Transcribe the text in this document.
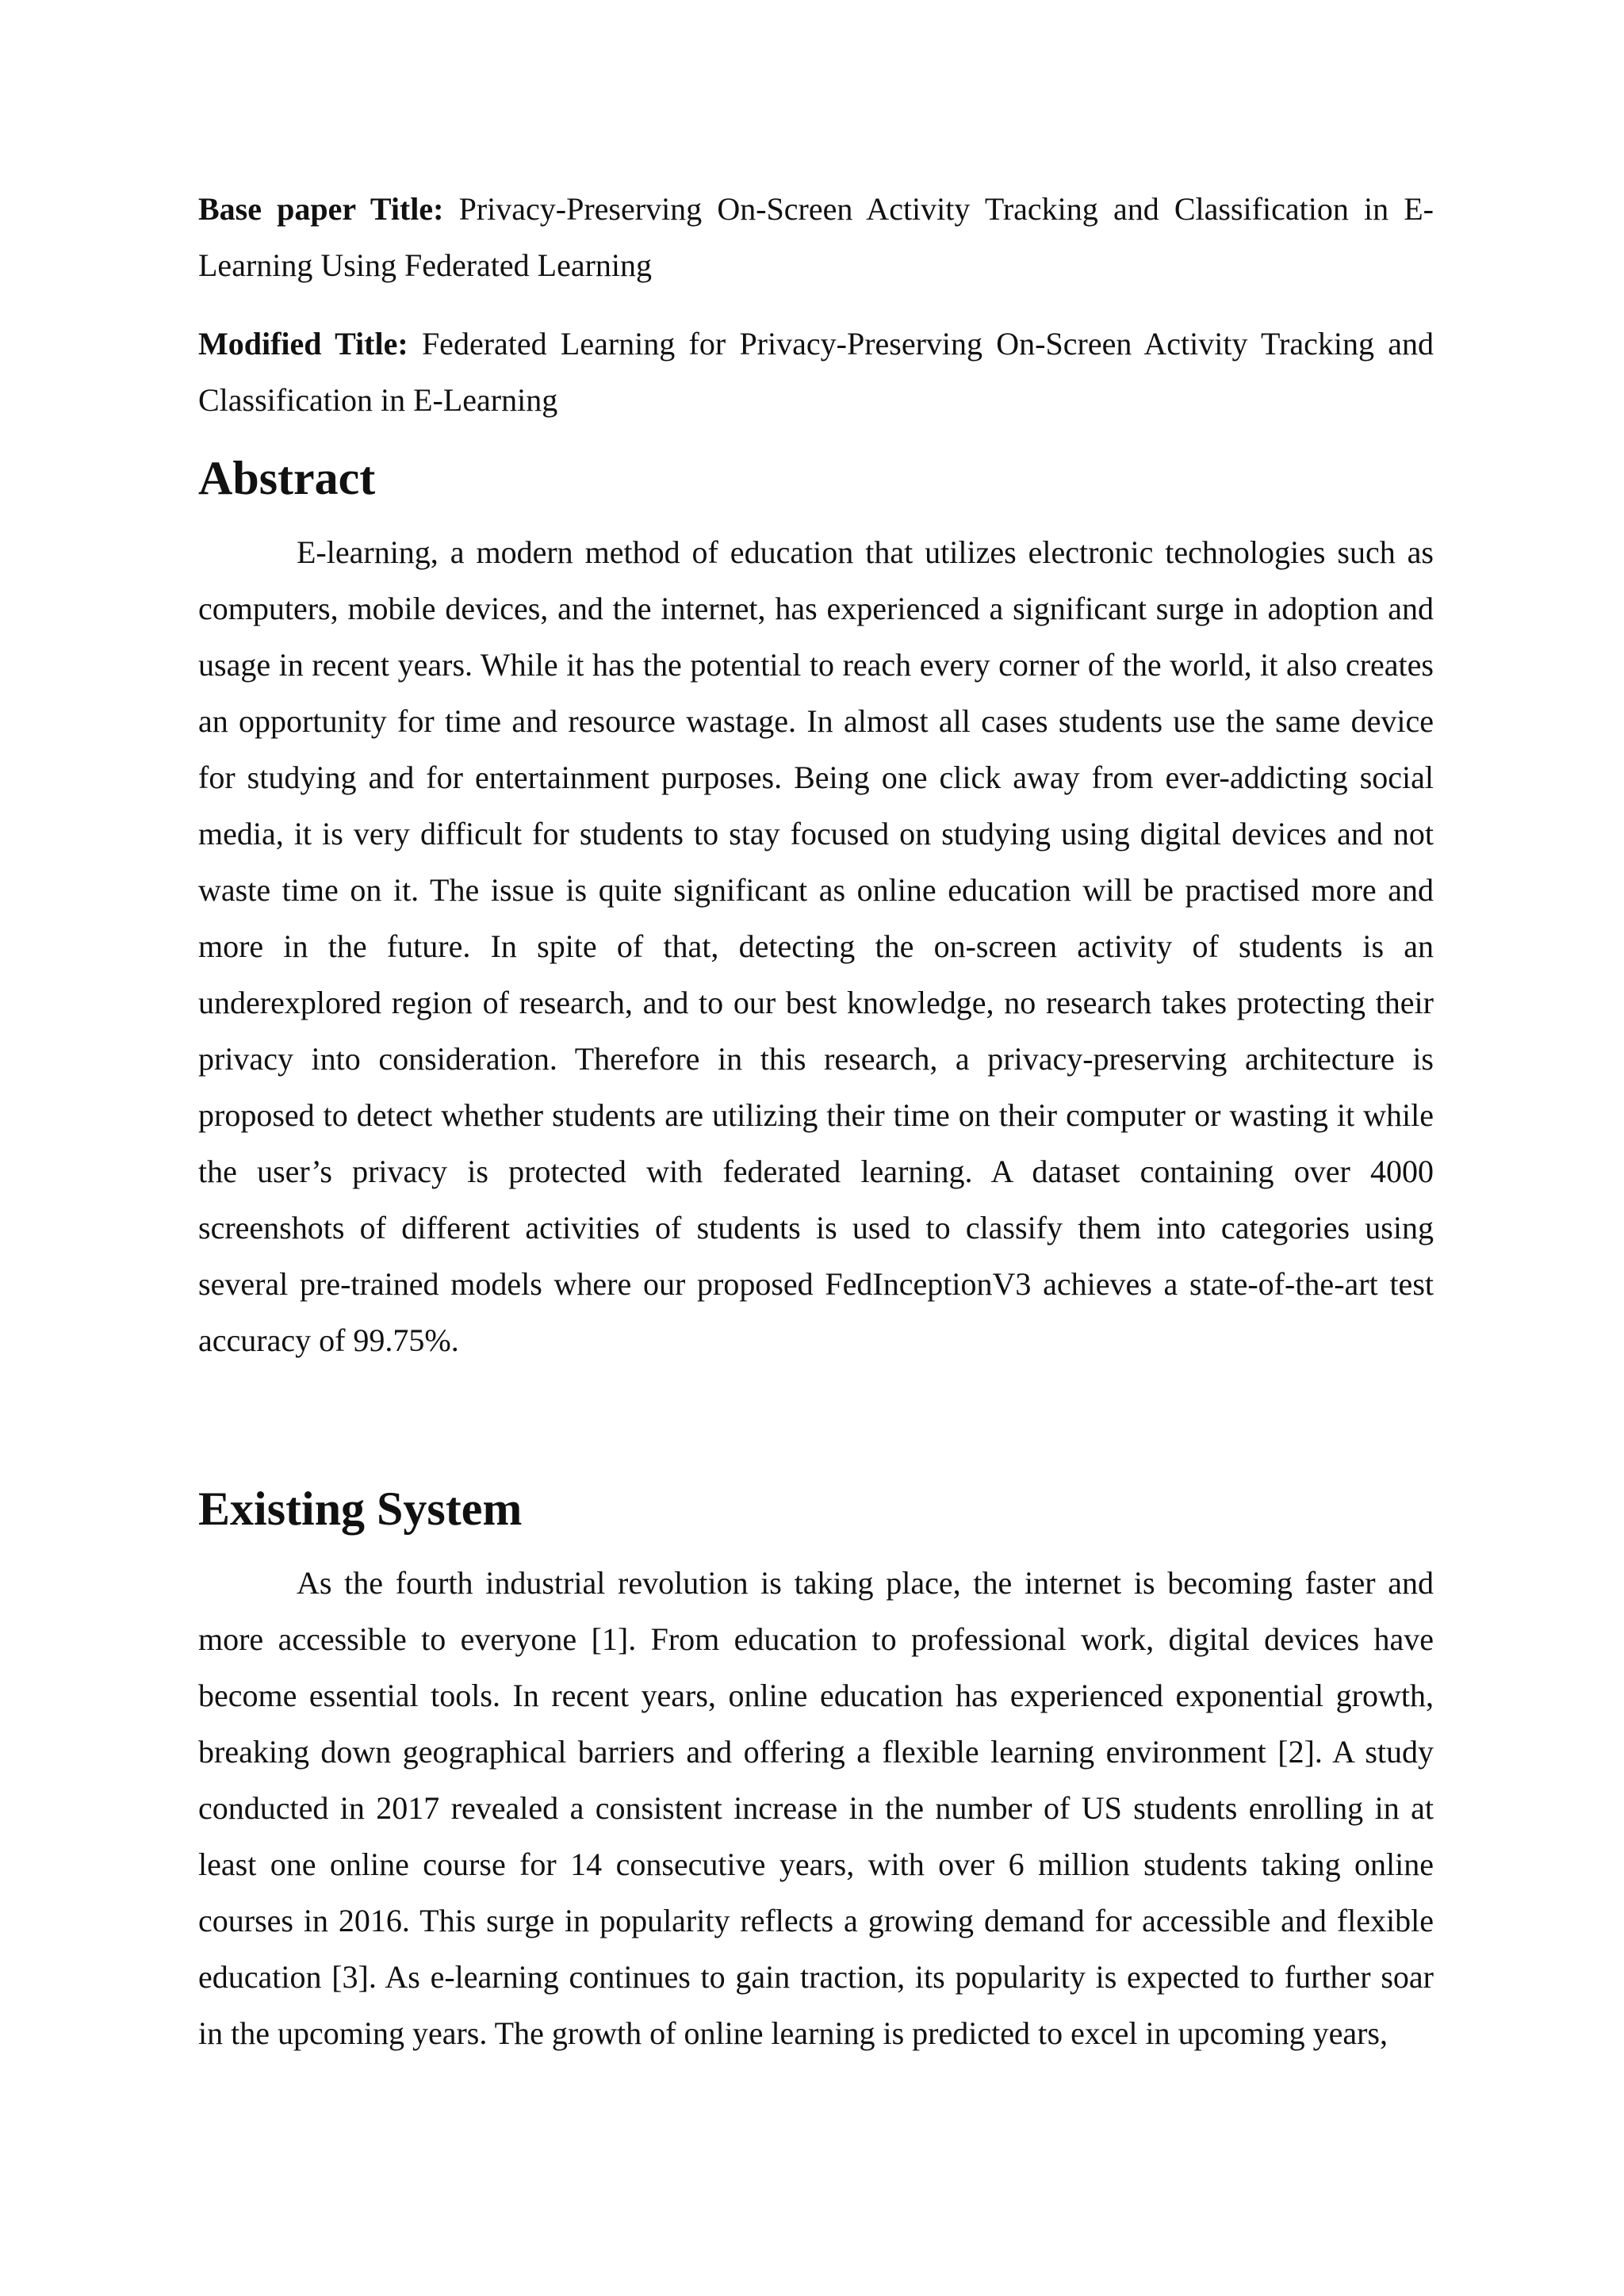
Base paper Title: Privacy-Preserving On-Screen Activity Tracking and Classification in E-Learning Using Federated Learning

Modified Title: Federated Learning for Privacy-Preserving On-Screen Activity Tracking and Classification in E-Learning

Abstract

E-learning, a modern method of education that utilizes electronic technologies such as computers, mobile devices, and the internet, has experienced a significant surge in adoption and usage in recent years. While it has the potential to reach every corner of the world, it also creates an opportunity for time and resource wastage. In almost all cases students use the same device for studying and for entertainment purposes. Being one click away from ever-addicting social media, it is very difficult for students to stay focused on studying using digital devices and not waste time on it. The issue is quite significant as online education will be practised more and more in the future. In spite of that, detecting the on-screen activity of students is an underexplored region of research, and to our best knowledge, no research takes protecting their privacy into consideration. Therefore in this research, a privacy-preserving architecture is proposed to detect whether students are utilizing their time on their computer or wasting it while the user’s privacy is protected with federated learning. A dataset containing over 4000 screenshots of different activities of students is used to classify them into categories using several pre-trained models where our proposed FedInceptionV3 achieves a state-of-the-art test accuracy of 99.75%.

Existing System

As the fourth industrial revolution is taking place, the internet is becoming faster and more accessible to everyone [1]. From education to professional work, digital devices have become essential tools. In recent years, online education has experienced exponential growth, breaking down geographical barriers and offering a flexible learning environment [2]. A study conducted in 2017 revealed a consistent increase in the number of US students enrolling in at least one online course for 14 consecutive years, with over 6 million students taking online courses in 2016. This surge in popularity reflects a growing demand for accessible and flexible education [3]. As e-learning continues to gain traction, its popularity is expected to further soar in the upcoming years. The growth of online learning is predicted to excel in upcoming years,
